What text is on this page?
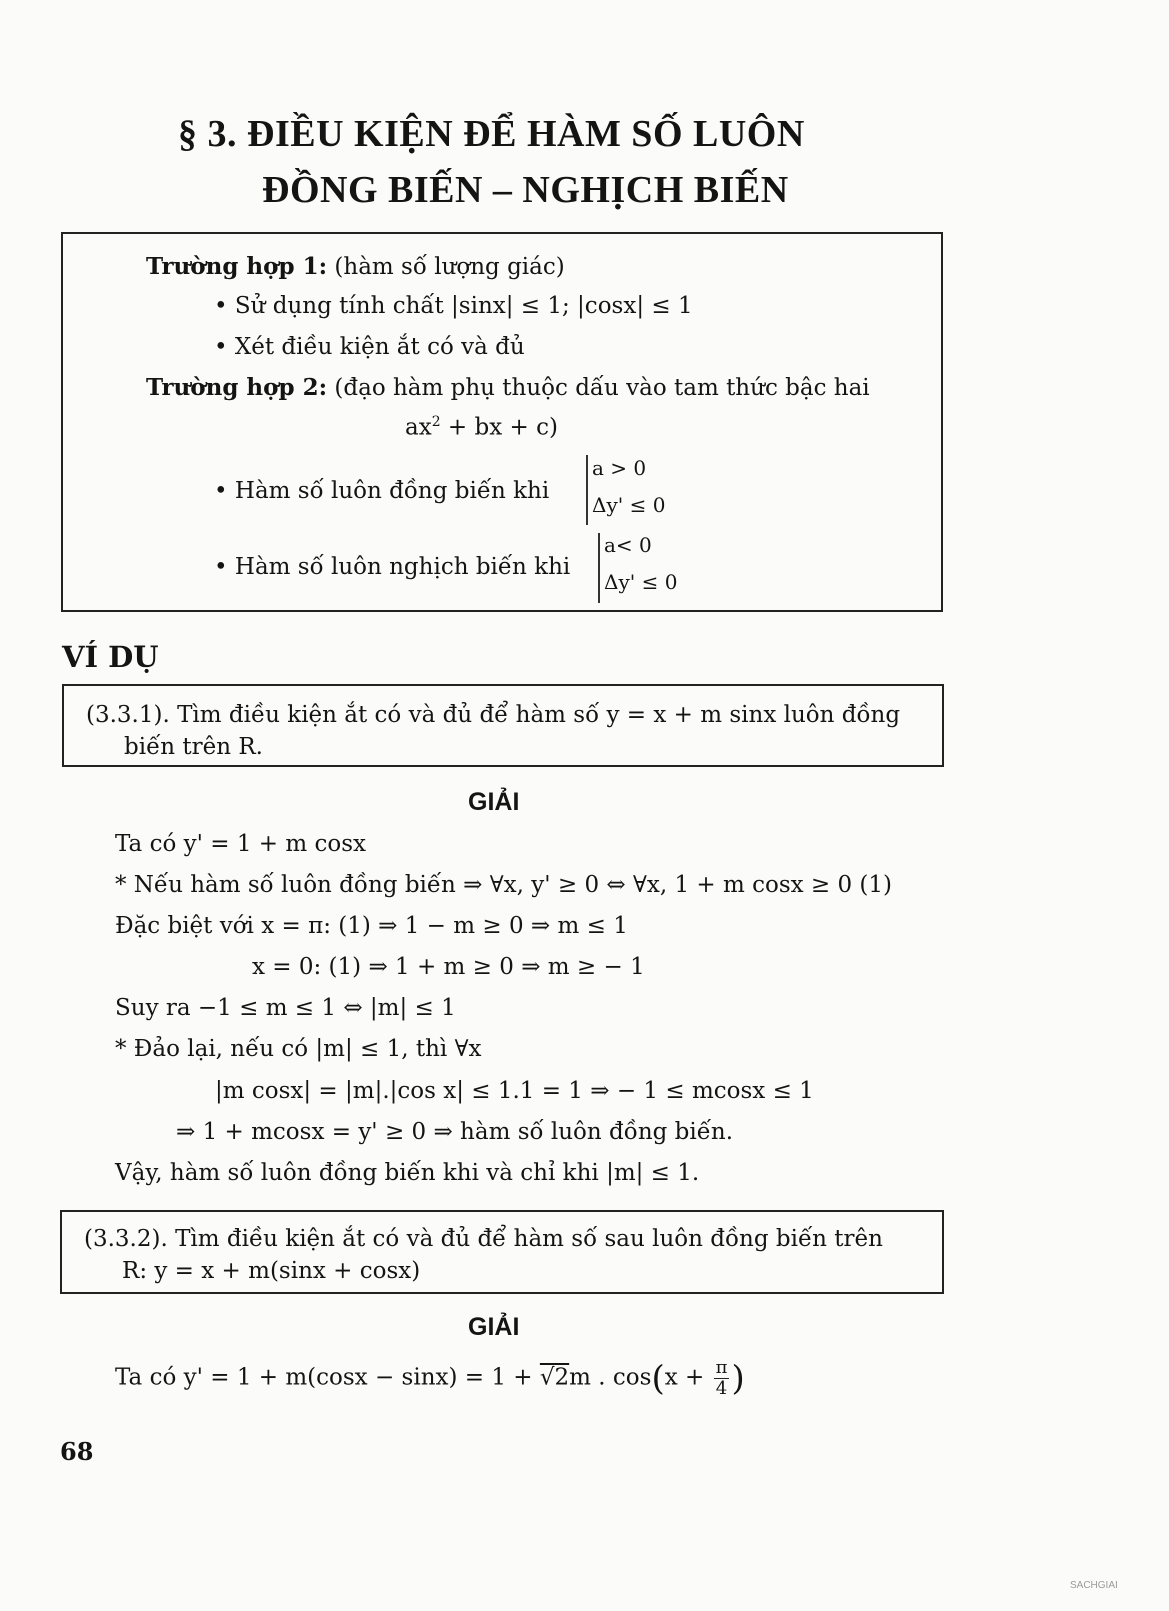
§ 3. ĐIỀU KIỆN ĐỂ HÀM SỐ LUÔN
ĐỒNG BIẾN – NGHỊCH BIẾN
Trường hợp 1: (hàm số lượng giác)
• Sử dụng tính chất |sinx| ≤ 1; |cosx| ≤ 1
• Xét điều kiện ắt có và đủ
Trường hợp 2: (đạo hàm phụ thuộc dấu vào tam thức bậc hai
$ax^2$ + bx + c)
• Hàm số luôn đồng biến khi
a > 0
Δy' ≤ 0
• Hàm số luôn nghịch biến khi
a< 0
Δy' ≤ 0
VÍ DỤ
(3.3.1). Tìm điều kiện ắt có và đủ để hàm số y = x + m sinx luôn đồng
biến trên R.
GIẢI
Ta có y' = 1 + m cosx
* Nếu hàm số luôn đồng biến ⇒ ∀x, y' ≥ 0 ⇔ ∀x, 1 + m cosx ≥ 0 (1)
Đặc biệt với x = π: (1) ⇒ 1 − m ≥ 0 ⇒ m ≤ 1
x = 0: (1) ⇒ 1 + m ≥ 0 ⇒ m ≥ − 1
Suy ra −1 ≤ m ≤ 1 ⇔ |m| ≤ 1
* Đảo lại, nếu có |m| ≤ 1, thì ∀x
|m cosx| = |m|.|cos x| ≤ 1.1 = 1 ⇒ − 1 ≤ mcosx ≤ 1
⇒ 1 + mcosx = y' ≥ 0 ⇒ hàm số luôn đồng biến.
Vậy, hàm số luôn đồng biến khi và chỉ khi |m| ≤ 1.
(3.3.2). Tìm điều kiện ắt có và đủ để hàm số sau luôn đồng biến trên
R: y = x + m(sinx + cosx)
GIẢI
Ta có y' = 1 + m(cosx − sinx) = 1 + √2m . $\cos(x + \frac{\pi}{4}$ )
68
SACHGIAI
